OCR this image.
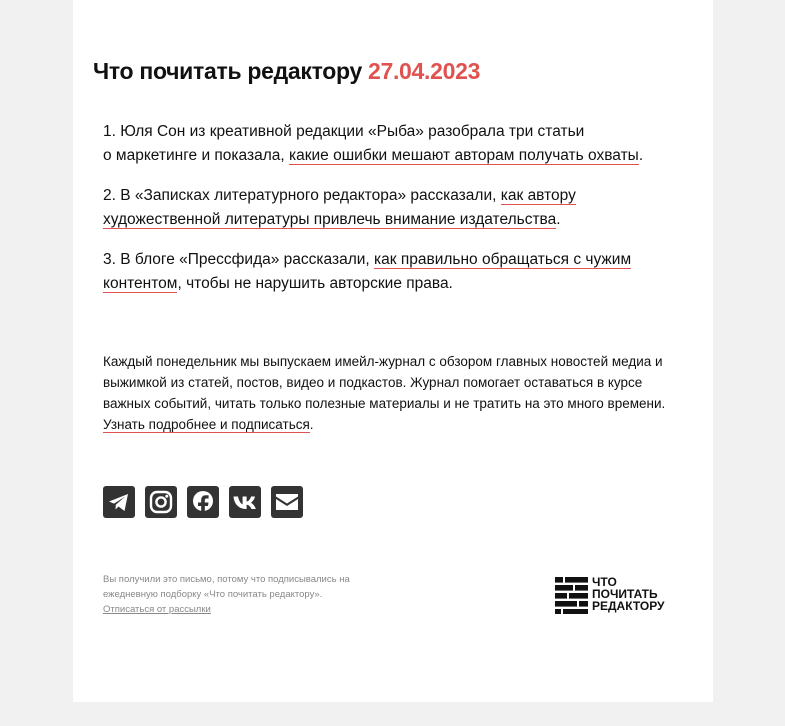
Что почитать редактору 27.04.2023
1. Юля Сон из креативной редакции «Рыба» разобрала три статьи
о маркетинге и показала, какие ошибки мешают авторам получать охваты.
2. В «Записках литературного редактора» рассказали, как автору художественной литературы привлечь внимание издательства.
3. В блоге «Прессфида» рассказали, как правильно обращаться с чужим контентом, чтобы не нарушить авторские права.
Каждый понедельник мы выпускаем имейл-журнал с обзором главных новостей медиа и выжимкой из статей, постов, видео и подкастов. Журнал помогает оставаться в курсе важных событий, читать только полезные материалы и не тратить на это много времени. Узнать подробнее и подписаться.
Вы получили это письмо, потому что подписывались на ежедневную подборку «Что почитать редактору».
Отписаться от рассылки
ЧТО
ПОЧИТАТЬ
РЕДАКТОРУ
